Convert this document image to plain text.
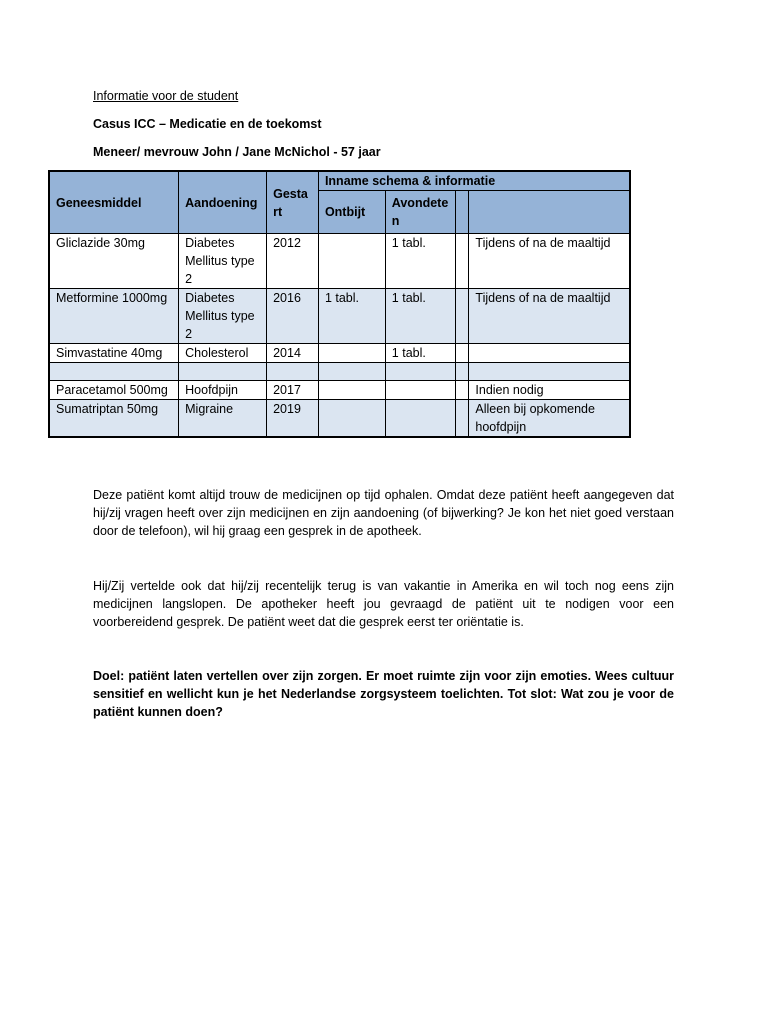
Informatie voor de student
Casus ICC – Medicatie en de toekomst
Meneer/ mevrouw John / Jane McNichol - 57 jaar
Geneesmiddel	Aandoening	Gesta rt	Inname schema & informatie			
			Ontbijt	Avondete n		
Gliclazide 30mg	Diabetes Mellitus type 2	2012		1 tabl.		Tijdens of na de maaltijd
Metformine 1000mg	Diabetes Mellitus type 2	2016	1 tabl.	1 tabl.		Tijdens of na de maaltijd
Simvastatine 40mg	Cholesterol	2014		1 tabl.		

Paracetamol 500mg	Hoofdpijn	2017				Indien nodig
Sumatriptan 50mg	Migraine	2019				Alleen bij opkomende hoofdpijn
Deze patiënt komt altijd trouw de medicijnen op tijd ophalen. Omdat deze patiënt heeft aangegeven dat hij/zij vragen heeft over zijn medicijnen en zijn aandoening (of bijwerking? Je kon het niet goed verstaan door de telefoon), wil hij graag een gesprek in de apotheek.
Hij/Zij vertelde ook dat hij/zij recentelijk terug is van vakantie in Amerika en wil toch nog eens zijn medicijnen langslopen. De apotheker heeft jou gevraagd de patiënt uit te nodigen voor een voorbereidend gesprek. De patiënt weet dat die gesprek eerst ter oriëntatie is.
Doel: patiënt laten vertellen over zijn zorgen. Er moet ruimte zijn voor zijn emoties. Wees cultuur sensitief en wellicht kun je het Nederlandse zorgsysteem toelichten. Tot slot: Wat zou je voor de patiënt kunnen doen?
